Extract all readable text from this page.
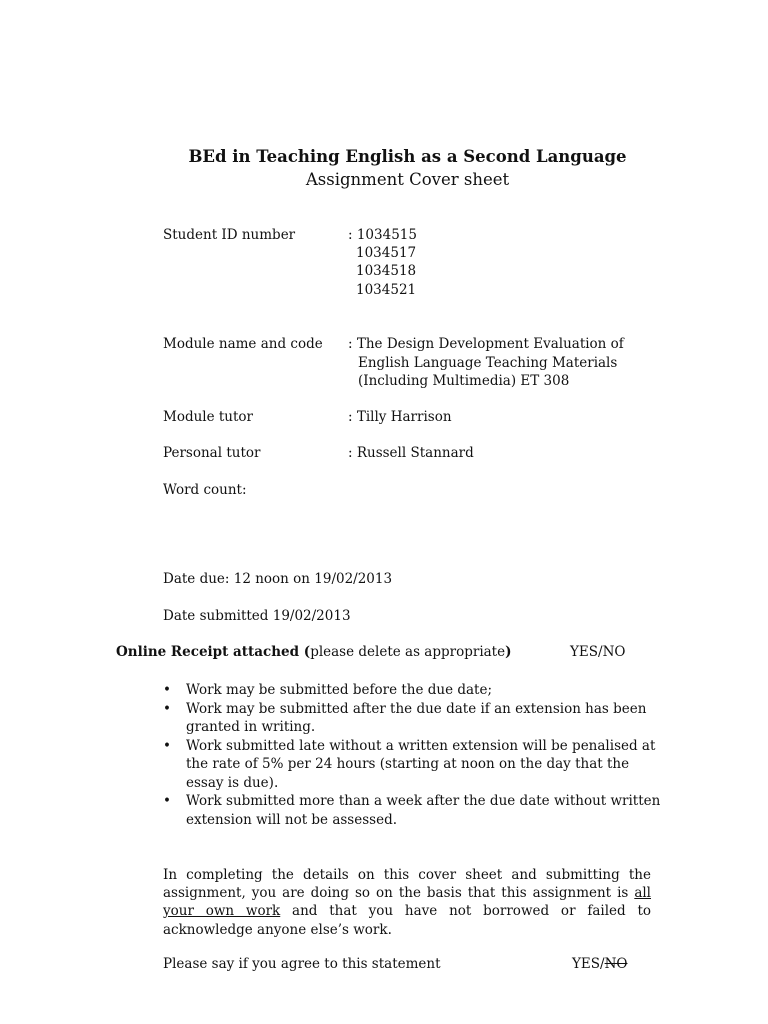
BEd in Teaching English as a Second Language
Assignment Cover sheet
Student ID number	: 1034515
1034517
1034518
1034521
Module name and code : The Design Development Evaluation of
English Language Teaching Materials
(Including Multimedia) ET 308
Module tutor	: Tilly Harrison
Personal tutor	: Russell Stannard
Word count:
Date due: 12 noon on 19/02/2013
Date submitted 19/02/2013
Online Receipt attached (please delete as appropriate)	YES/NO
• Work may be submitted before the due date;
• Work may be submitted after the due date if an extension has been granted in writing.
• Work submitted late without a written extension will be penalised at the rate of 5% per 24 hours (starting at noon on the day that the essay is due).
• Work submitted more than a week after the due date without written extension will not be assessed.
In completing the details on this cover sheet and submitting the assignment, you are doing so on the basis that this assignment is all your own work and that you have not borrowed or failed to acknowledge anyone else’s work.
Please say if you agree to this statement	YES/NO
